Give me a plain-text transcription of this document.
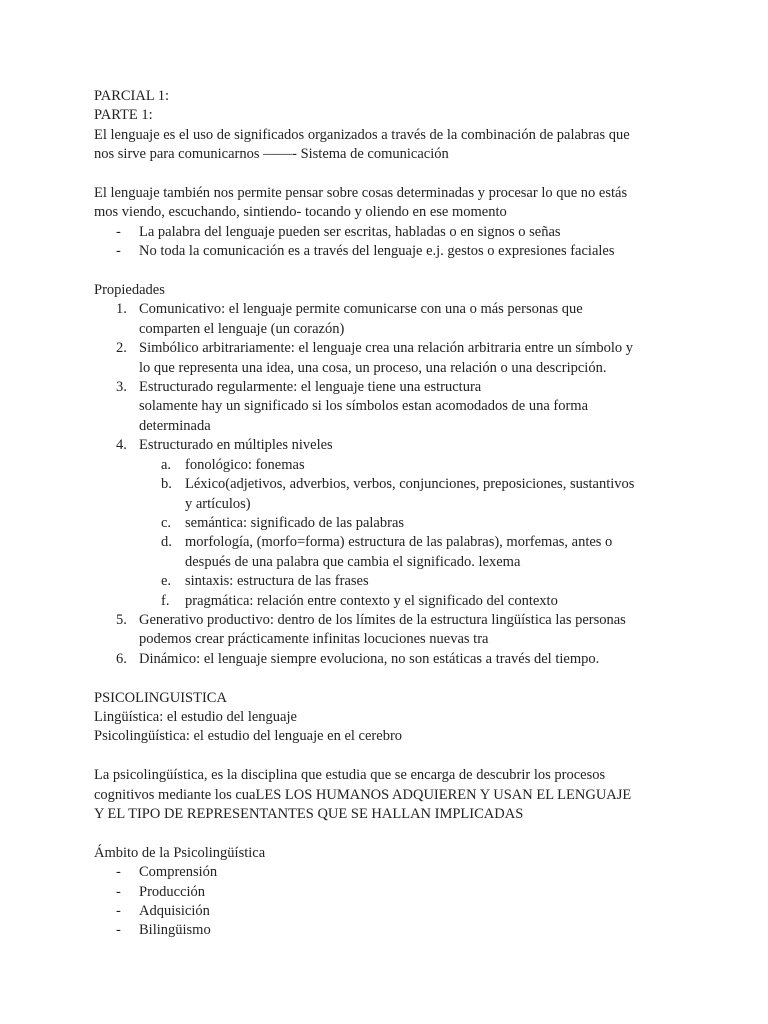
PARCIAL 1:
PARTE 1:
El lenguaje es el uso de significados organizados a través de la combinación de palabras que
nos sirve para comunicarnos ——- Sistema de comunicación
El lenguaje también nos permite pensar sobre cosas determinadas y procesar lo que no estás
mos viendo, escuchando, sintiendo- tocando y oliendo en ese momento
- La palabra del lenguaje pueden ser escritas, habladas o en signos o señas
- No toda la comunicación es a través del lenguaje e.j. gestos o expresiones faciales
Propiedades
1. Comunicativo: el lenguaje permite comunicarse con una o más personas que
comparten el lenguaje (un corazón)
2. Simbólico arbitrariamente: el lenguaje crea una relación arbitraria entre un símbolo y
lo que representa una idea, una cosa, un proceso, una relación o una descripción.
3. Estructurado regularmente: el lenguaje tiene una estructura
solamente hay un significado si los símbolos estan acomodados de una forma
determinada
4. Estructurado en múltiples niveles
a. fonológico: fonemas
b. Léxico(adjetivos, adverbios, verbos, conjunciones, preposiciones, sustantivos
y artículos)
c. semántica: significado de las palabras
d. morfología, (morfo=forma) estructura de las palabras), morfemas, antes o
después de una palabra que cambia el significado. lexema
e. sintaxis: estructura de las frases
f. pragmática: relación entre contexto y el significado del contexto
5. Generativo productivo: dentro de los límites de la estructura lingüística las personas
podemos crear prácticamente infinitas locuciones nuevas tra
6. Dinámico: el lenguaje siempre evoluciona, no son estáticas a través del tiempo.
PSICOLINGUISTICA
Lingüística: el estudio del lenguaje
Psicolingüística: el estudio del lenguaje en el cerebro
La psicolingüística, es la disciplina que estudia que se encarga de descubrir los procesos
cognitivos mediante los cuaLES LOS HUMANOS ADQUIEREN Y USAN EL LENGUAJE
Y EL TIPO DE REPRESENTANTES QUE SE HALLAN IMPLICADAS
Ámbito de la Psicolingüística
- Comprensión
- Producción
- Adquisición
- Bilingüismo
